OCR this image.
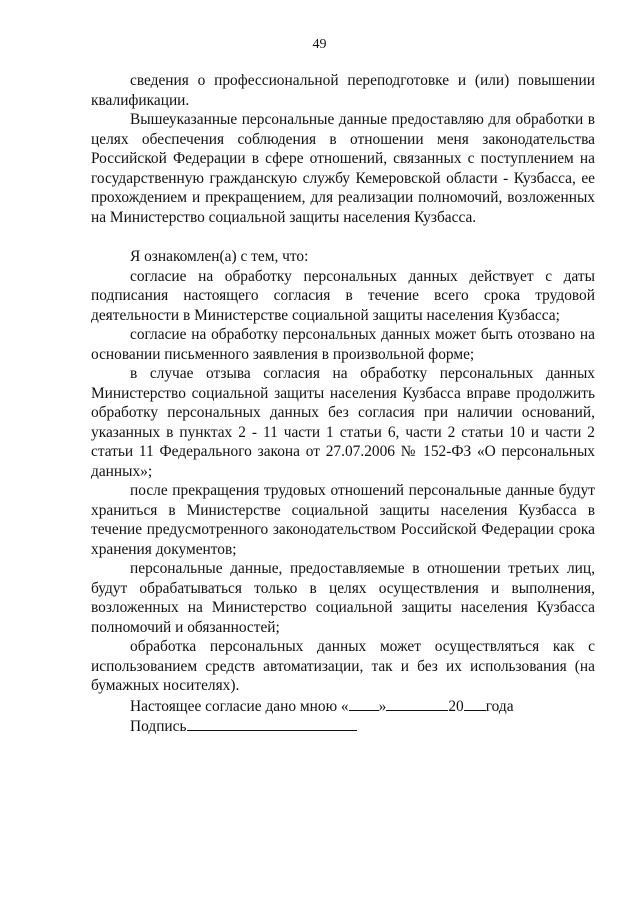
49

сведения о профессиональной переподготовке и (или) повышении квалификации.

Вышеуказанные персональные данные предоставляю для обработки в целях обеспечения соблюдения в отношении меня законодательства Российской Федерации в сфере отношений, связанных с поступлением на государственную гражданскую службу Кемеровской области - Кузбасса, ее прохождением и прекращением, для реализации полномочий, возложенных на Министерство социальной защиты населения Кузбасса.

Я ознакомлен(а) с тем, что:

согласие на обработку персональных данных действует с даты подписания настоящего согласия в течение всего срока трудовой деятельности в Министерстве социальной защиты населения Кузбасса;

согласие на обработку персональных данных может быть отозвано на основании письменного заявления в произвольной форме;

в случае отзыва согласия на обработку персональных данных Министерство социальной защиты населения Кузбасса вправе продолжить обработку персональных данных без согласия при наличии оснований, указанных в пунктах 2 - 11 части 1 статьи 6, части 2 статьи 10 и части 2 статьи 11 Федерального закона от 27.07.2006 № 152-ФЗ «О персональных данных»;

после прекращения трудовых отношений персональные данные будут храниться в Министерстве социальной защиты населения Кузбасса в течение предусмотренного законодательством Российской Федерации срока хранения документов;

персональные данные, предоставляемые в отношении третьих лиц, будут обрабатываться только в целях осуществления и выполнения, возложенных на Министерство социальной защиты населения Кузбасса полномочий и обязанностей;

обработка персональных данных может осуществляться как с использованием средств автоматизации, так и без их использования (на бумажных носителях).

Настоящее согласие дано мною « »	20 года

Подпись
